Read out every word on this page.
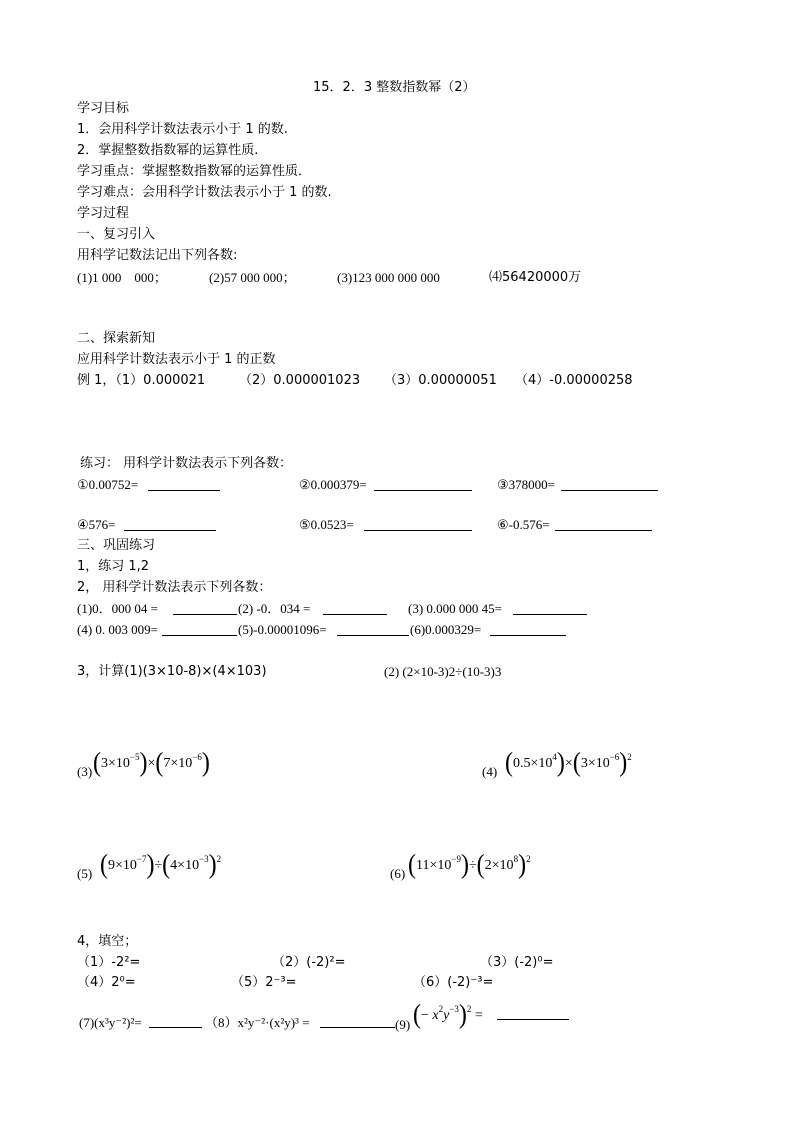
15．2．3 整数指数幂（2）
学习目标
1．会用科学计数法表示小于 1 的数.
2．掌握整数指数幂的运算性质.
学习重点：掌握整数指数幂的运算性质．
学习难点：会用科学计数法表示小于 1 的数.
学习过程
一、复习引入
用科学记数法记出下列各数:
(1)1 000　000；	(2)57 000 000；	(3)123 000 000 000	⑷56420000万
二、探索新知
应用科学计数法表示小于 1 的正数
例 1，（1）0.000021	（2）0.000001023 （3）0.00000051 （4）-0.00000258
练习： 用科学计数法表示下列各数：
①0.00752=	②0.000379=	③378000=
④576=	⑤0.0523=	⑥-0.576=
三、巩固练习
1，练习 1,2
2， 用科学计数法表示下列各数：
(1)0．000 04 =	(2) -0．034 =	(3) 0.000 000 45=
(4) 0. 003 009=	(5)-0.00001096=	(6)0.000329=
3，计算(1)(3×10-8)×(4×103)	(2) (2×10-3)2÷(10-3)3
(3) $(3\times 10^{-5})\times(7\times 10^{-6})$	(4) $(0.5\times 10^4)\times(3\times 10^{-6})^2$
(5) $(9\times 10^{-7})\div(4\times 10^{-3})^2$
(6) $(11\times 10^{-9})\div(2\times 10^8)^2$
4，填空；
（1）-2²=	（2）(-2)²=	（3）(-2)⁰=
（4）2⁰=	（5）2⁻³=	（6）(-2)⁻³=
(7)(x³y⁻²)²=	（8）x²y⁻²·(x²y)³ =	(9) (− $x^2y^{-3})^2$ =
